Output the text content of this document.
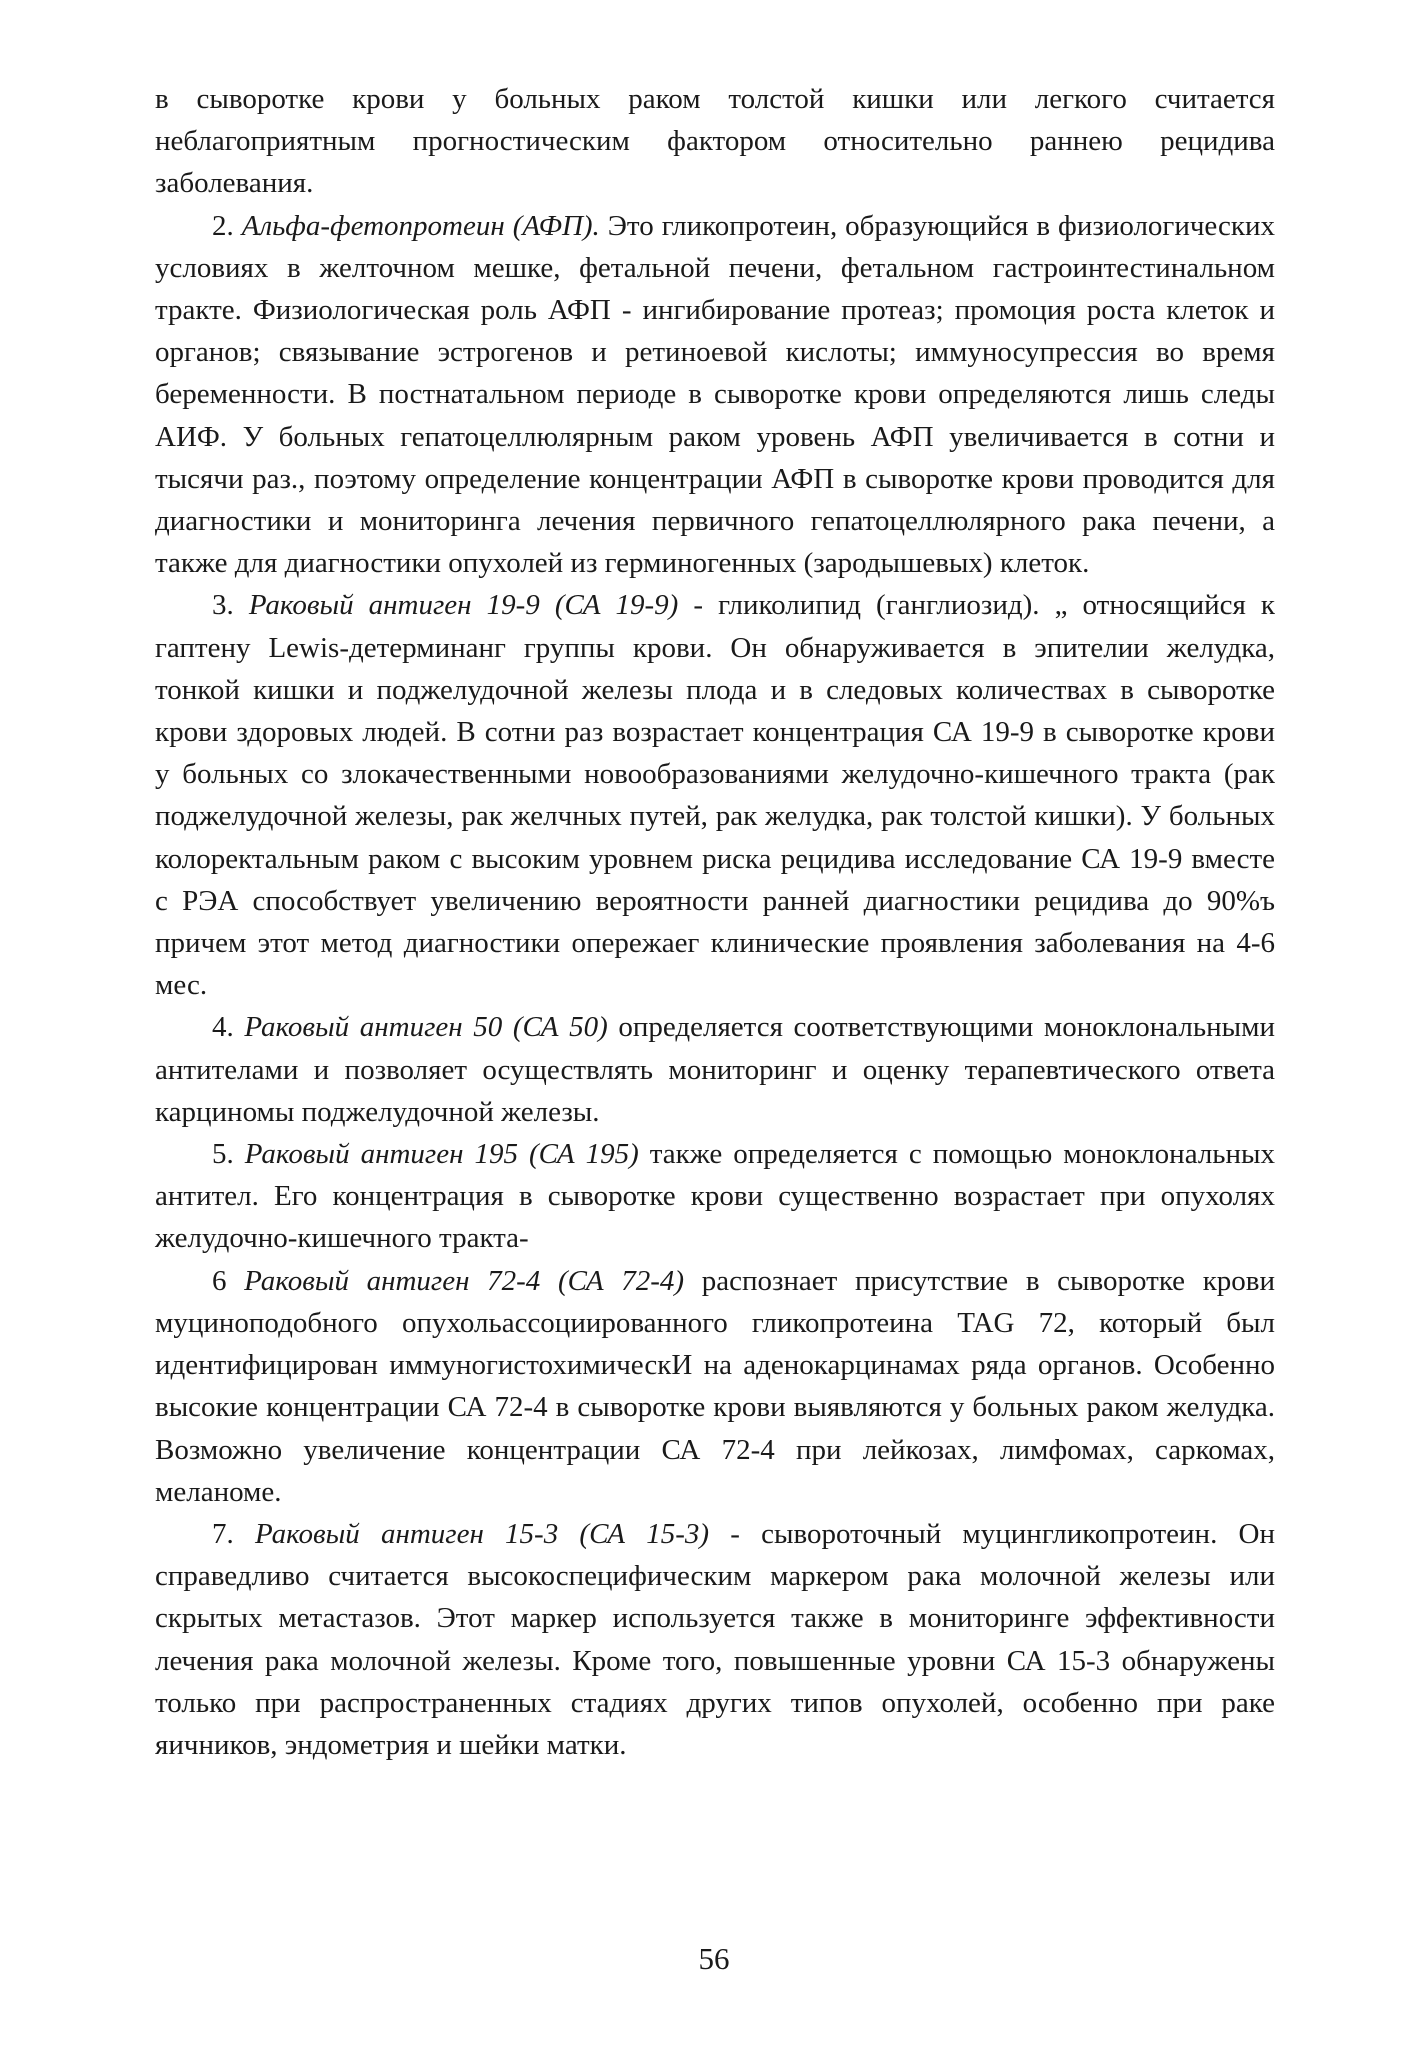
в сыворотке крови у больных раком толстой кишки или легкого считается неблагоприятным прогностическим фактором относительно раннею рецидива заболевания.

2. Альфа-фетопротеин (АФП). Это гликопротеин, образующийся в физиологических условиях в желточном мешке, фетальной печени, фетальном гастроинтестинальном тракте. Физиологическая роль АФП - ингибирование протеаз; промоция роста клеток и органов; связывание эстрогенов и ретиноевой кислоты; иммуносупрессия во время беременности. В постнатальном периоде в сыворотке крови определяются лишь следы АИФ. У больных гепатоцеллюлярным раком уровень АФП увеличивается в сотни и тысячи раз., поэтому определение концентрации АФП в сыворотке крови проводится для диагностики и мониторинга лечения первичного гепатоцеллюлярного рака печени, а также для диагностики опухолей из герминогенных (зародышевых) клеток.

3. Раковый антиген 19-9 (СА 19-9) - гликолипид (ганглиозид). „ относящийся к гаптену Lewis-детерминанг группы крови. Он обнаруживается в эпителии желудка, тонкой кишки и поджелудочной железы плода и в следовых количествах в сыворотке крови здоровых людей. В сотни раз возрастает концентрация СА 19-9 в сыворотке крови у больных со злокачественными новообразованиями желудочно-кишечного тракта (рак поджелудочной железы, рак желчных путей, рак желудка, рак толстой кишки). У больных колоректальным раком с высоким уровнем риска рецидива исследование СА 19-9 вместе с РЭА способствует увеличению вероятности ранней диагностики рецидива до 90%ъ причем этот метод диагностики опережаег клинические проявления заболевания на 4-6 мес.

4. Раковый антиген 50 (СА 50) определяется соответствующими моноклональными антителами и позволяет осуществлять мониторинг и оценку терапевтического ответа карциномы поджелудочной железы.

5. Раковый антиген 195 (СА 195) также определяется с помощью моноклональных антител. Его концентрация в сыворотке крови существенно возрастает при опухолях желудочно-кишечного тракта-

6 Раковый антиген 72-4 (СА 72-4) распознает присутствие в сыворотке крови муциноподобного опухольассоциированного гликопротеина TAG 72, который был идентифицирован иммуногистохимическИ на аденокарцинамах ряда органов. Особенно высокие концентрации СА 72-4 в сыворотке крови выявляются у больных раком желудка. Возможно увеличение концентрации СА 72-4 при лейкозах, лимфомах, саркомах, меланоме.

7. Раковый антиген 15-3 (СА 15-3) - сывороточный муцингликопротеин. Он справедливо считается высокоспецифическим маркером рака молочной железы или скрытых метастазов. Этот маркер используется также в мониторинге эффективности лечения рака молочной железы. Кроме того, повышенные уровни СА 15-3 обнаружены только при распространенных стадиях других типов опухолей, особенно при раке яичников, эндометрия и шейки матки.

56
